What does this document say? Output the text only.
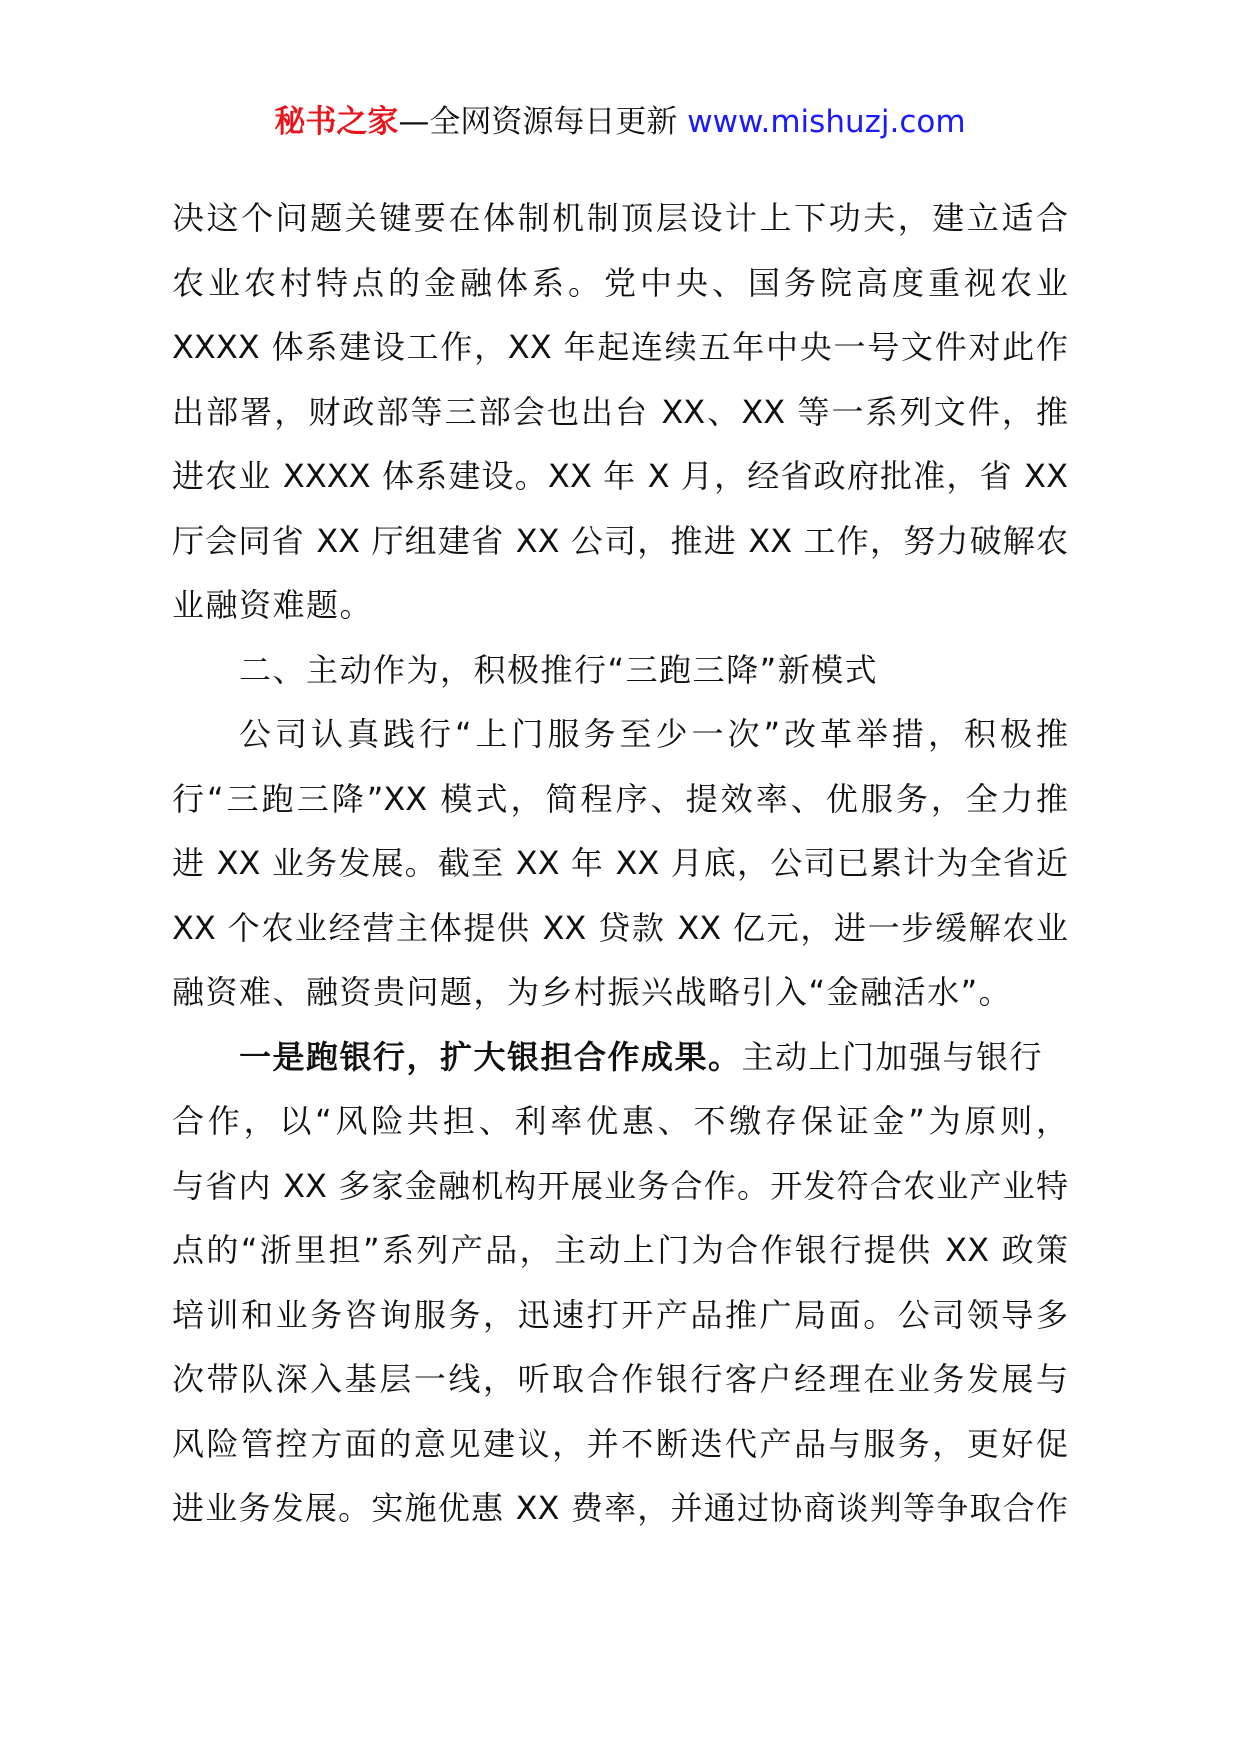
秘书之家—全网资源每日更新 www.mishuzj.com
决这个问题关键要在体制机制顶层设计上下功夫，建立适合
农业农村特点的金融体系。党中央、国务院高度重视农业
XXXX 体系建设工作，XX 年起连续五年中央一号文件对此作
出部署，财政部等三部会也出台 XX、XX 等一系列文件，推
进农业 XXXX 体系建设。XX 年 X 月，经省政府批准，省 XX
厅会同省 XX 厅组建省 XX 公司，推进 XX 工作，努力破解农
业融资难题。
二、主动作为，积极推行“三跑三降”新模式
公司认真践行“上门服务至少一次”改革举措，积极推
行“三跑三降”XX 模式，简程序、提效率、优服务，全力推
进 XX 业务发展。截至 XX 年 XX 月底，公司已累计为全省近
XX 个农业经营主体提供 XX 贷款 XX 亿元，进一步缓解农业
融资难、融资贵问题，为乡村振兴战略引入“金融活水”。
一是跑银行，扩大银担合作成果。主动上门加强与银行
合作，以“风险共担、利率优惠、不缴存保证金”为原则，
与省内 XX 多家金融机构开展业务合作。开发符合农业产业特
点的“浙里担”系列产品，主动上门为合作银行提供 XX 政策
培训和业务咨询服务，迅速打开产品推广局面。公司领导多
次带队深入基层一线，听取合作银行客户经理在业务发展与
风险管控方面的意见建议，并不断迭代产品与服务，更好促
进业务发展。实施优惠 XX 费率，并通过协商谈判等争取合作
